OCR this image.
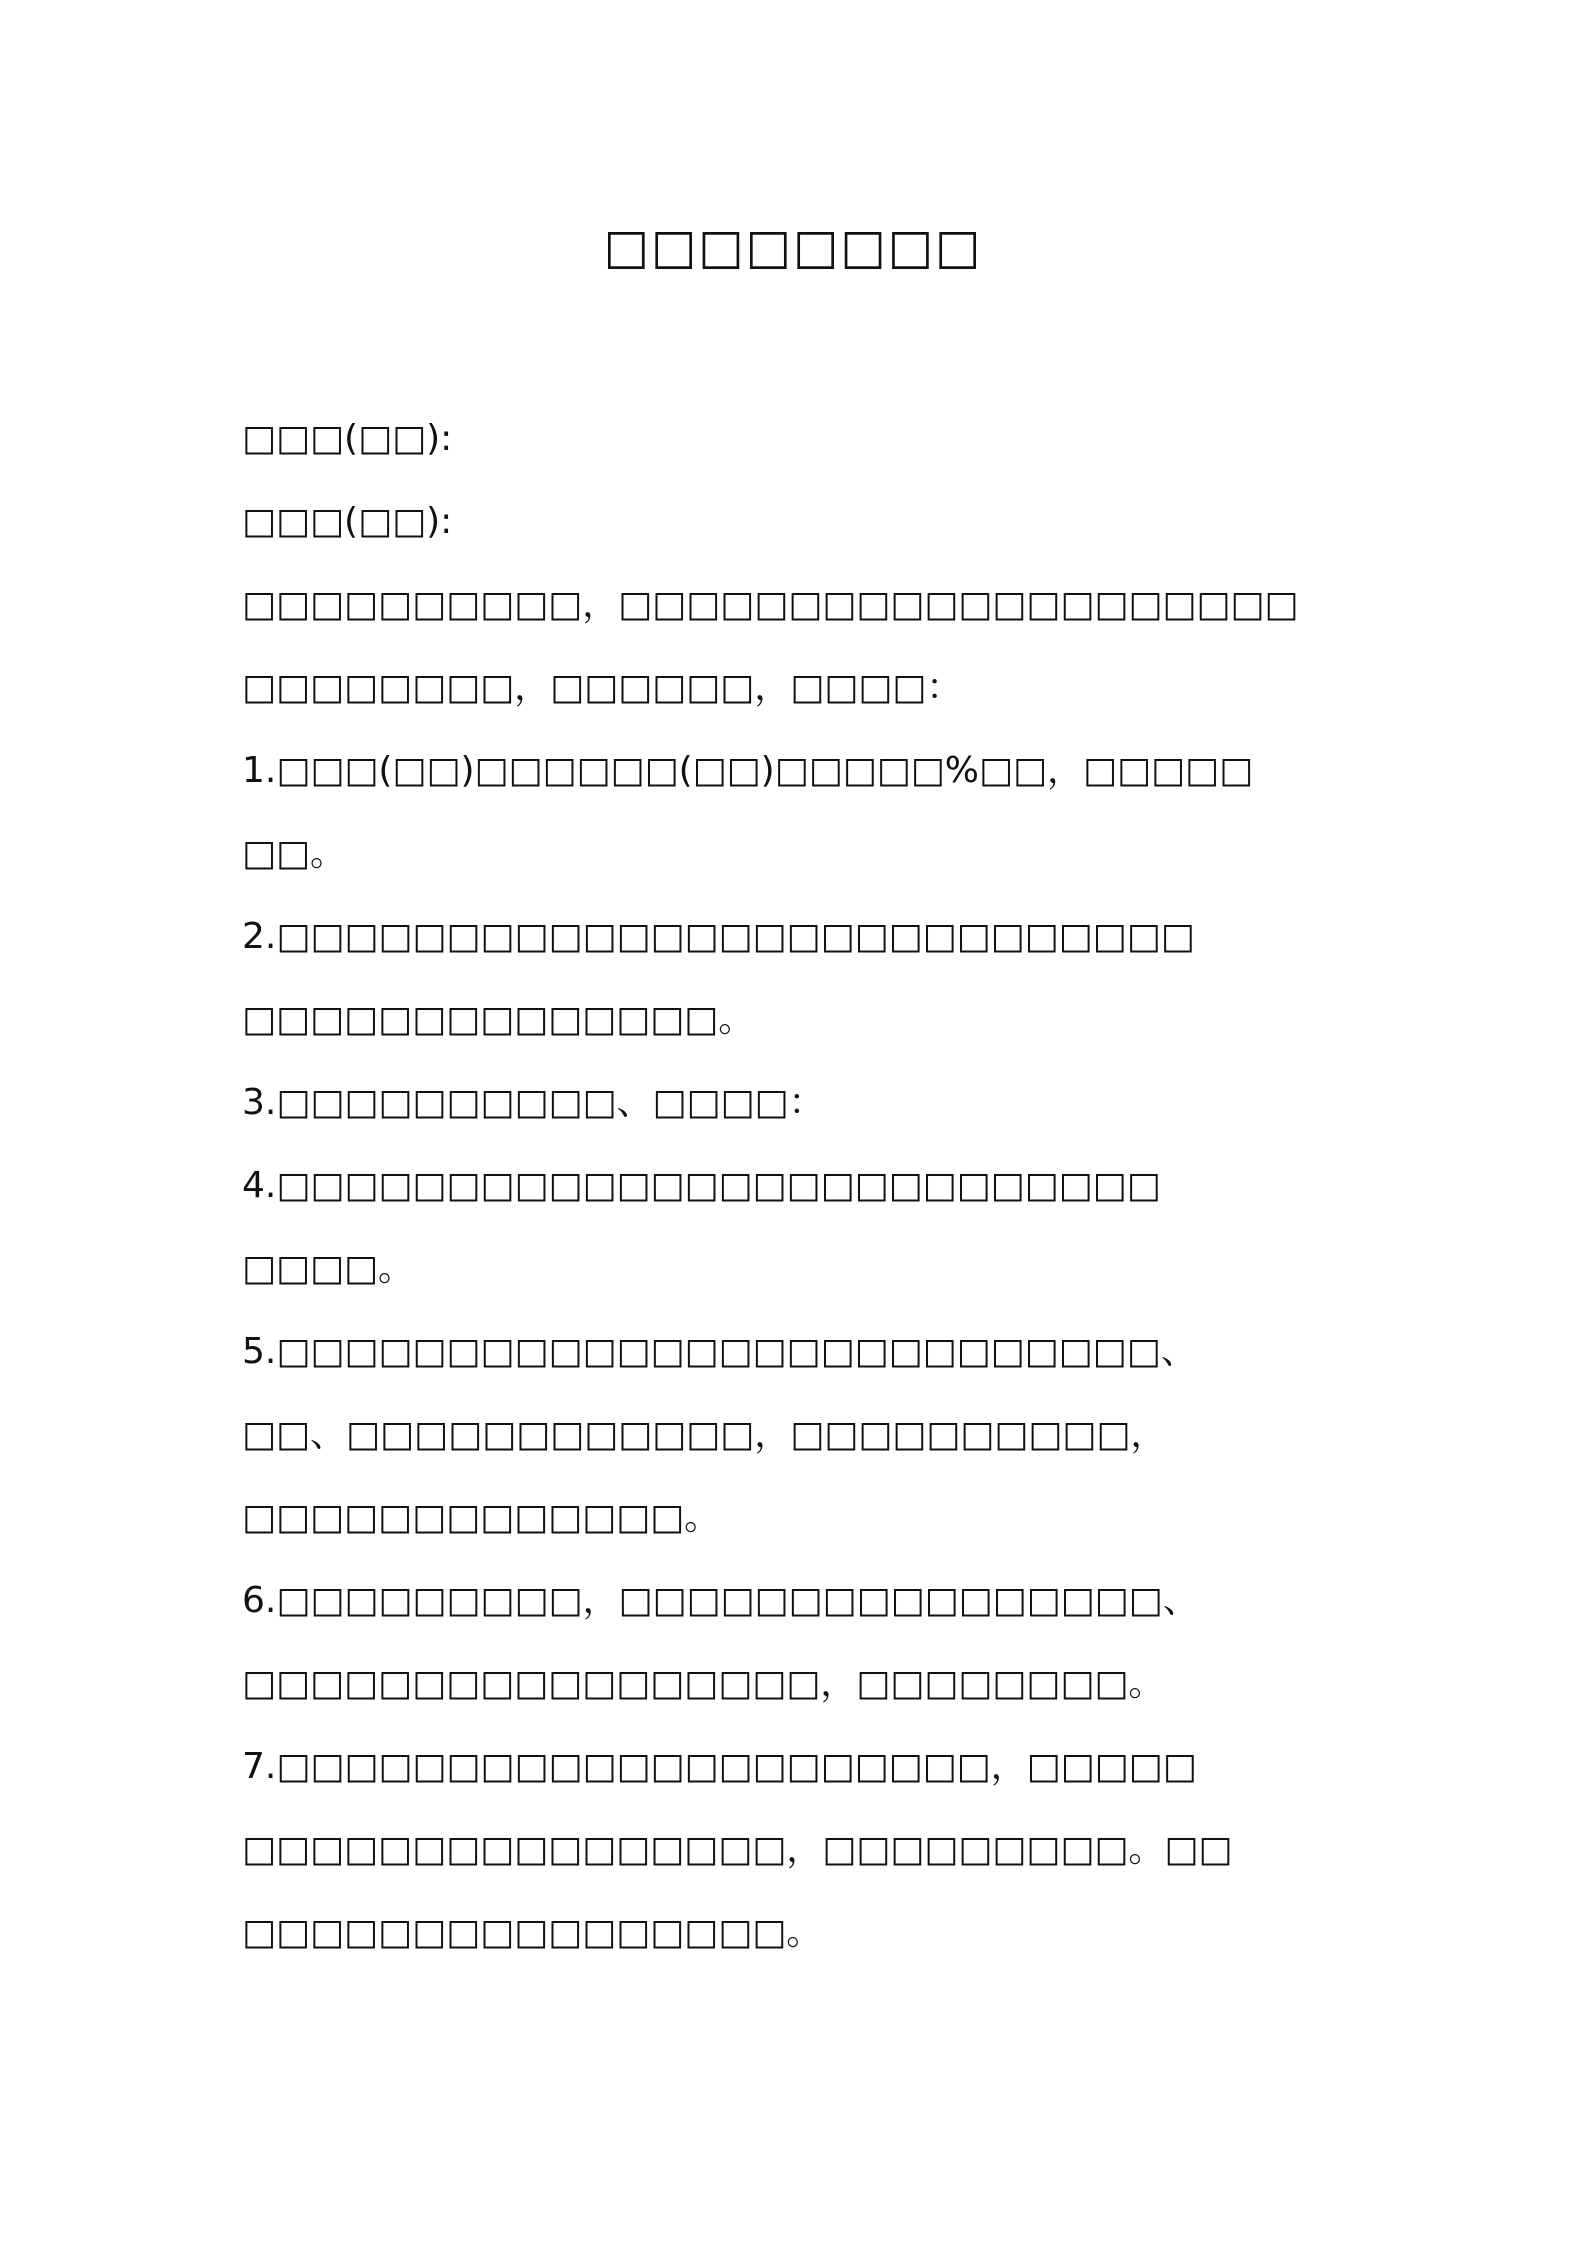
□□□□□□□□
□□□(□□):
□□□(□□):
□□□□□□□□□□，□□□□□□□□□□□□□□□□□□□□
□□□□□□□□，□□□□□□，□□□□：
1.□□□(□□)□□□□□□(□□)□□□□□%□□，□□□□□
□□。
2.□□□□□□□□□□□□□□□□□□□□□□□□□□□
□□□□□□□□□□□□□□。
3.□□□□□□□□□□、□□□□：
4.□□□□□□□□□□□□□□□□□□□□□□□□□□
□□□□。
5.□□□□□□□□□□□□□□□□□□□□□□□□□□、
□□、□□□□□□□□□□□□，□□□□□□□□□□，
□□□□□□□□□□□□□。
6.□□□□□□□□□，□□□□□□□□□□□□□□□□、
□□□□□□□□□□□□□□□□□，□□□□□□□□。
7.□□□□□□□□□□□□□□□□□□□□□，□□□□□
□□□□□□□□□□□□□□□□，□□□□□□□□□。□□
□□□□□□□□□□□□□□□□。
